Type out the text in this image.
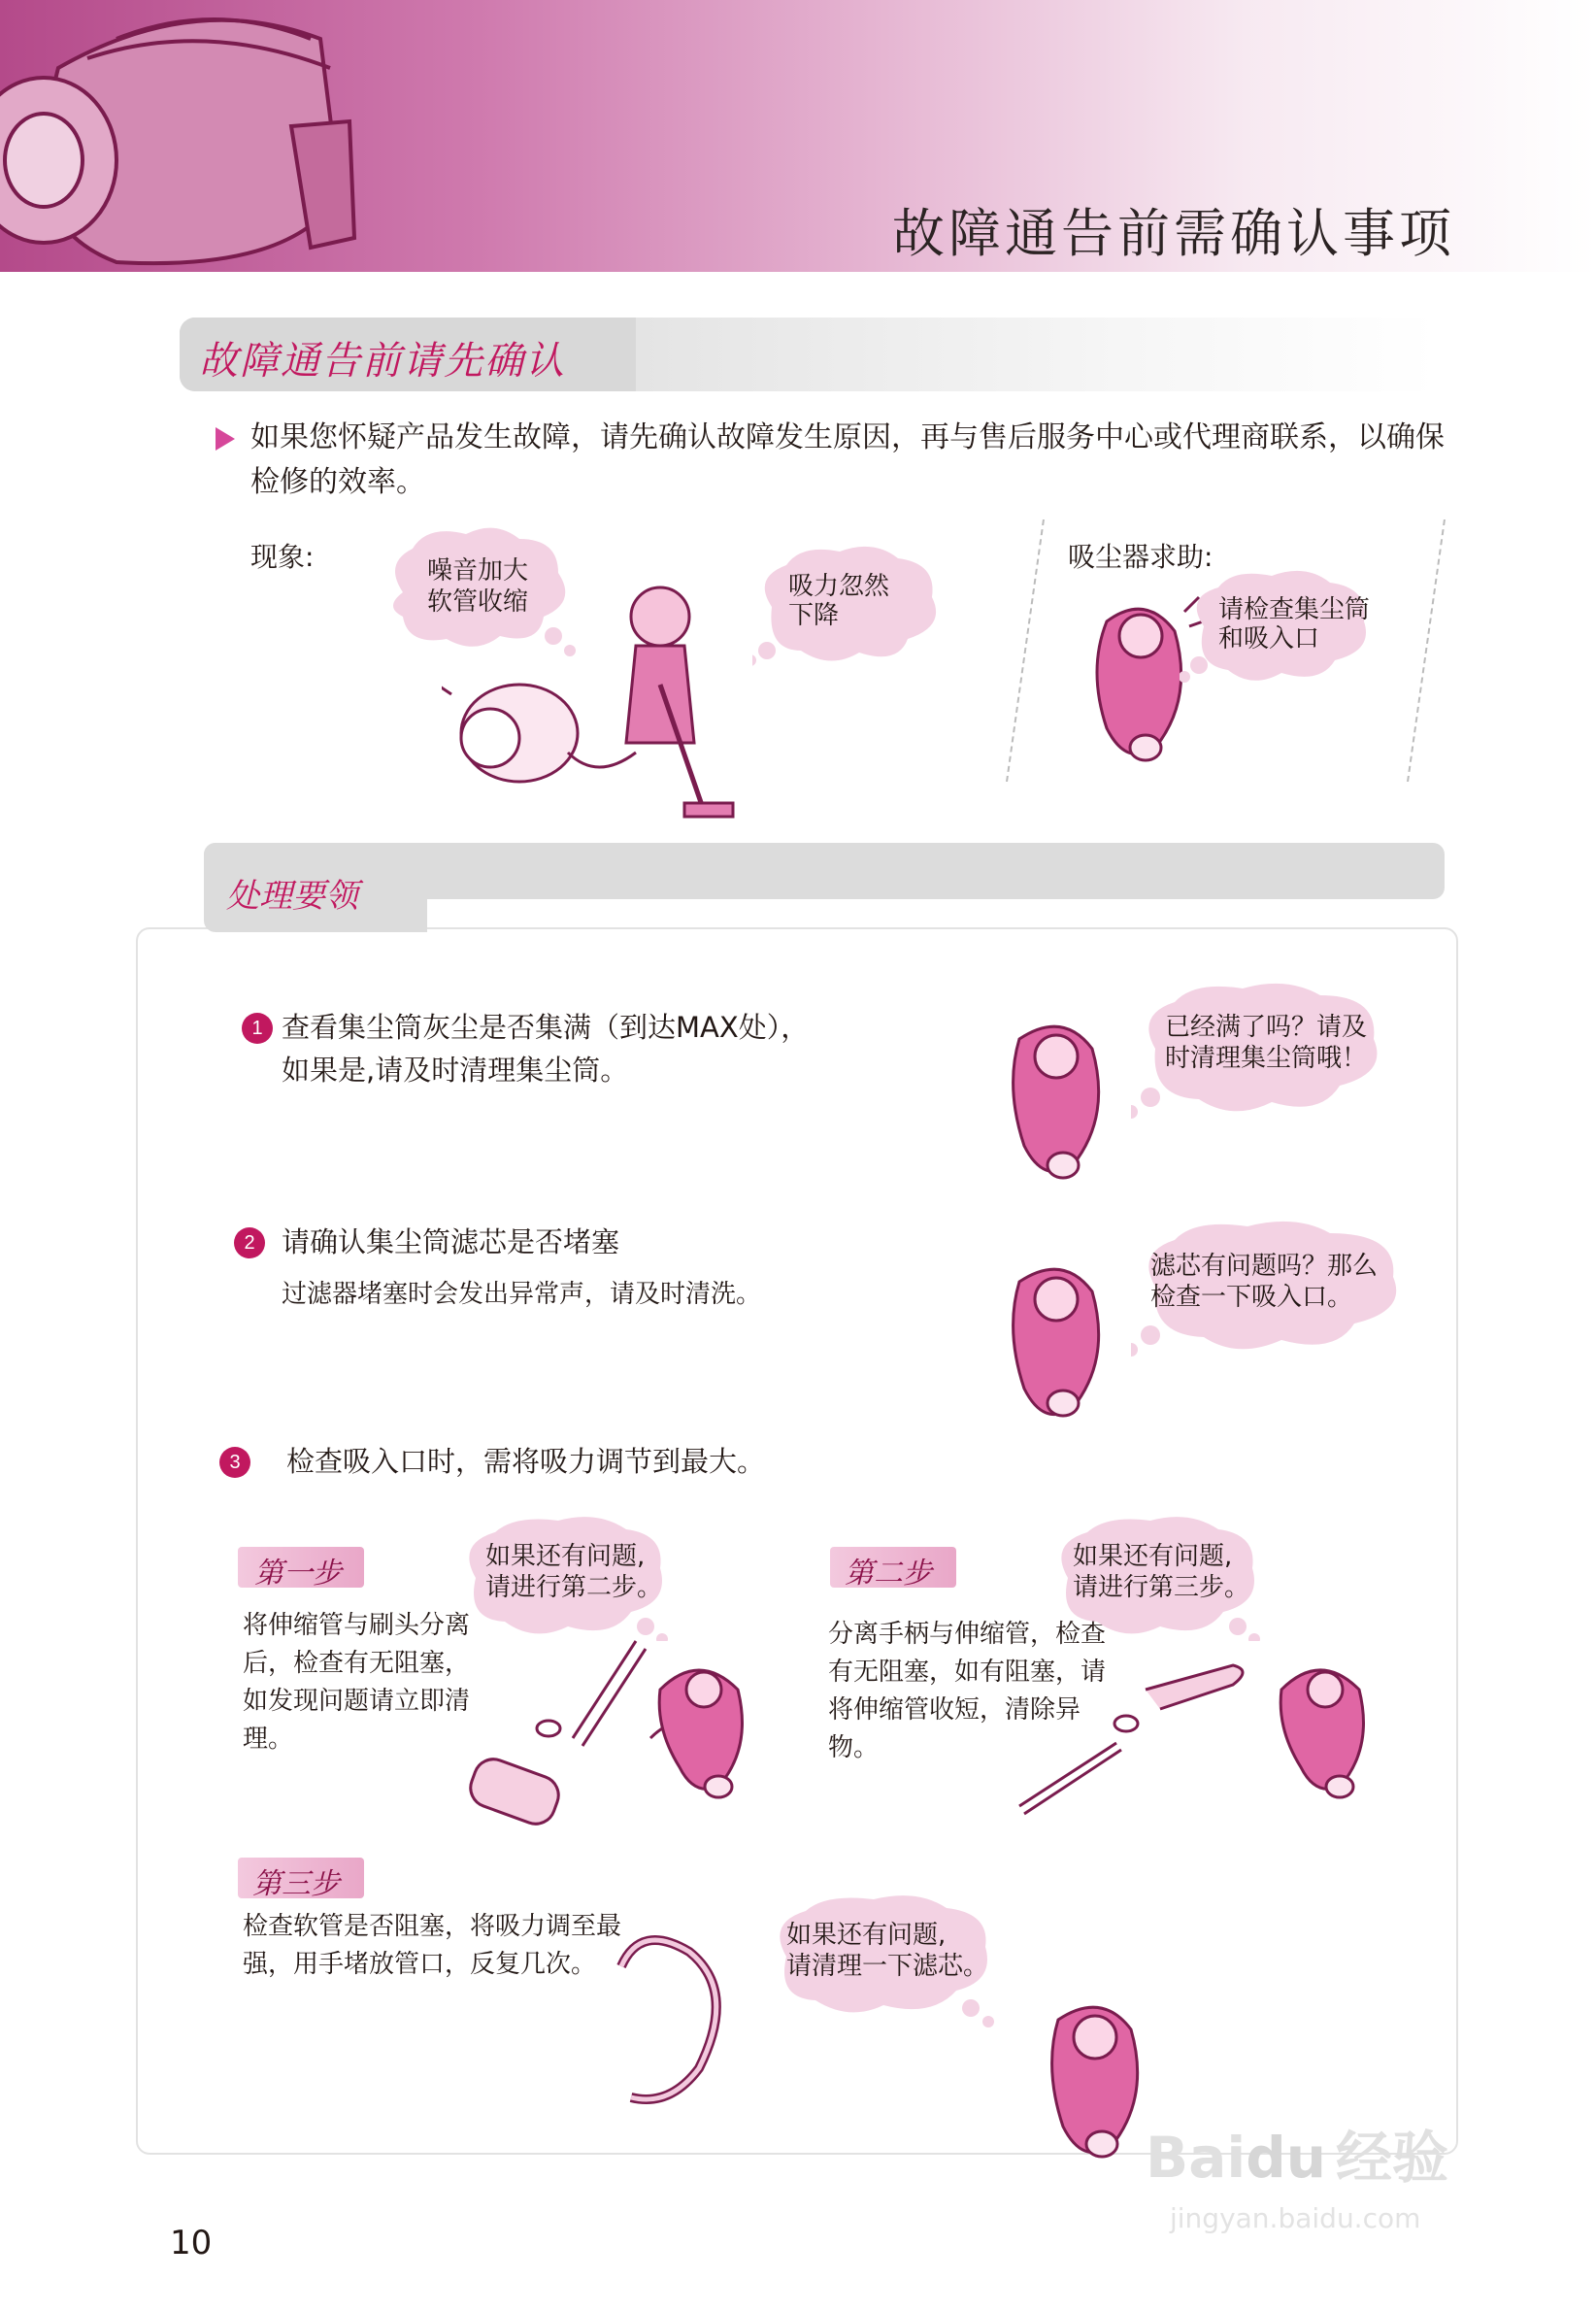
故障通告前需确认事项
故障通告前请先确认
如果您怀疑产品发生故障，请先确认故障发生原因，再与售后服务中心或代理商联系，以确保检修的效率。
现象:	噪音加大
软管收缩
吸力忽然
下降
吸尘器求助:
请检查集尘筒
和吸入口
处理要领
1 查看集尘筒灰尘是否集满（到达MAX处），
如果是,请及时清理集尘筒。
已经满了吗？请及
时清理集尘筒哦！
2 请确认集尘筒滤芯是否堵塞
过滤器堵塞时会发出异常声，请及时清洗。
滤芯有问题吗？那么
检查一下吸入口。
3	检查吸入口时，需将吸力调节到最大。
第一步
将伸缩管与刷头分离后，检查有无阻塞，如发现问题请立即清理。
如果还有问题,
请进行第二步。	第二步
分离手柄与伸缩管，检查有无阻塞，如有阻塞，请将伸缩管收短，清除异物。
如果还有问题,
请进行第三步。
第三步
检查软管是否阻塞，将吸力调至最强，用手堵放管口，反复几次。
如果还有问题,
请清理一下滤芯。
10
Baidu 经验
jingyan.baidu.com
